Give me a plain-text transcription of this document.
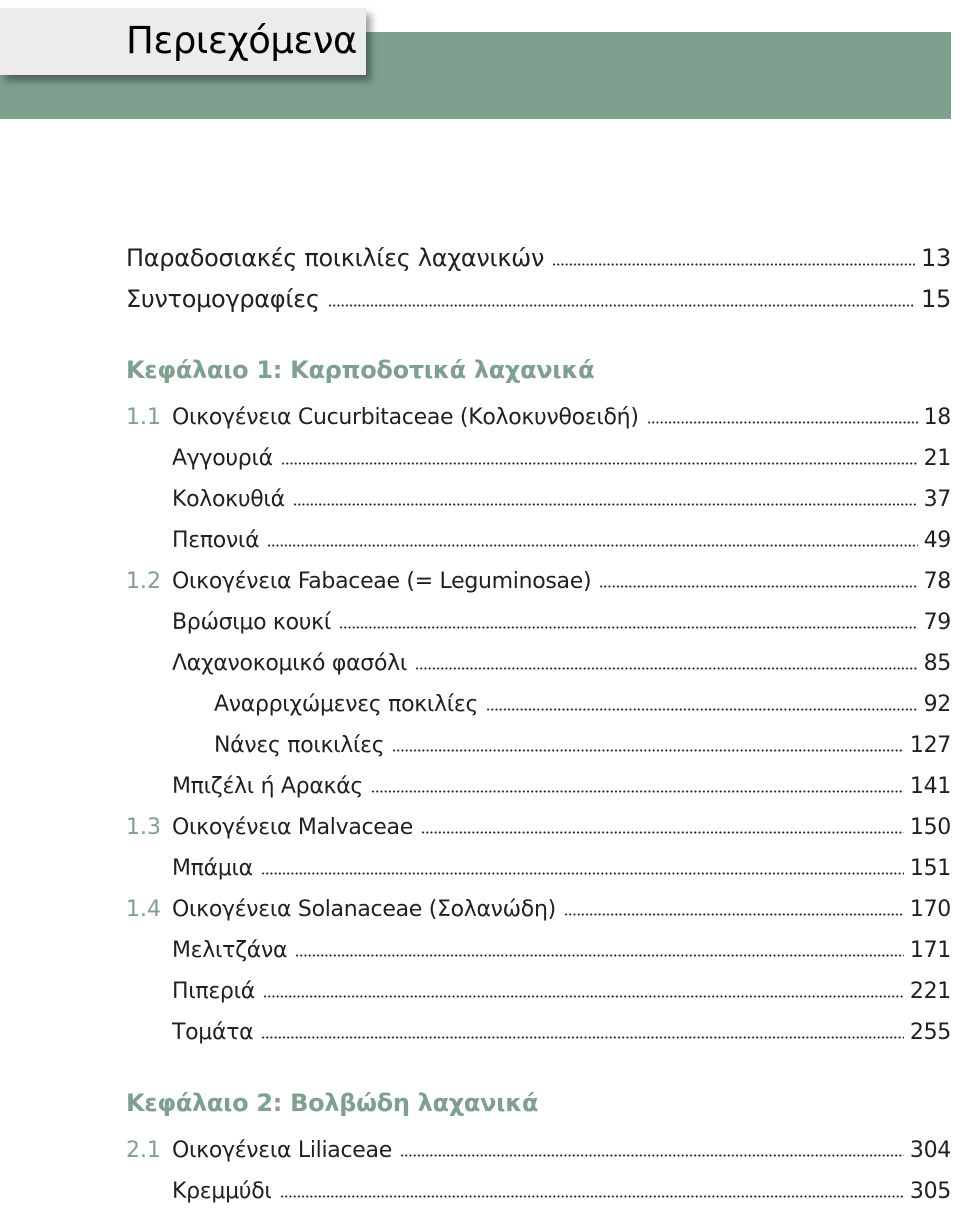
Περιεχόμενα
Παραδοσιακές ποικιλίες λαχανικών	13
Συντομογραφίες	15
Κεφάλαιο 1: Καρποδοτικά λαχανικά
1.1 Οικογένεια Cucurbitaceae (Κολοκυνθοειδή)	18
Αγγουριά	21
Κολοκυθιά	37
Πεπονιά	49
1.2 Οικογένεια Fabaceae (= Leguminosae)	78
Βρώσιμο κουκί	79
Λαχανοκομικό φασόλι	85
Αναρριχώμενες ποκιλίες	92
Νάνες ποικιλίες	127
Μπιζέλι ή Αρακάς	141
1.3 Οικογένεια Malvaceae	150
Μπάμια	151
1.4 Οικογένεια Solanaceae (Σολανώδη)	170
Μελιτζάνα	171
Πιπεριά	221
Τομάτα	255
Κεφάλαιο 2: Βολβώδη λαχανικά
2.1 Οικογένεια Liliaceae	304
Κρεμμύδι	305
